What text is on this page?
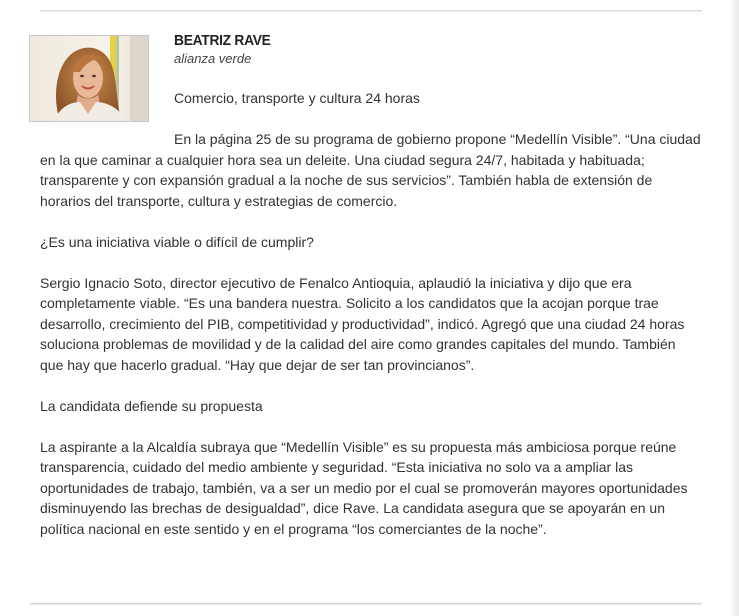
BEATRIZ RAVE
alianza verde
Comercio, transporte y cultura 24 horas

En la página 25 de su programa de gobierno propone “Medellín Visible”. “Una ciudad en la que caminar a cualquier hora sea un deleite. Una ciudad segura 24/7, habitada y habituada; transparente y con expansión gradual a la noche de sus servicios”. También habla de extensión de horarios del transporte, cultura y estrategias de comercio.

¿Es una iniciativa viable o difícil de cumplir?

Sergio Ignacio Soto, director ejecutivo de Fenalco Antioquia, aplaudió la iniciativa y dijo que era completamente viable. “Es una bandera nuestra. Solicito a los candidatos que la acojan porque trae desarrollo, crecimiento del PIB, competitividad y productividad”, indicó. Agregó que una ciudad 24 horas soluciona problemas de movilidad y de la calidad del aire como grandes capitales del mundo. También que hay que hacerlo gradual. “Hay que dejar de ser tan provincianos”.

La candidata defiende su propuesta

La aspirante a la Alcaldía subraya que “Medellín Visible” es su propuesta más ambiciosa porque reúne transparencia, cuidado del medio ambiente y seguridad. “Esta iniciativa no solo va a ampliar las oportunidades de trabajo, también, va a ser un medio por el cual se promoverán mayores oportunidades disminuyendo las brechas de desigualdad”, dice Rave. La candidata asegura que se apoyarán en un política nacional en este sentido y en el programa “los comerciantes de la noche”.
